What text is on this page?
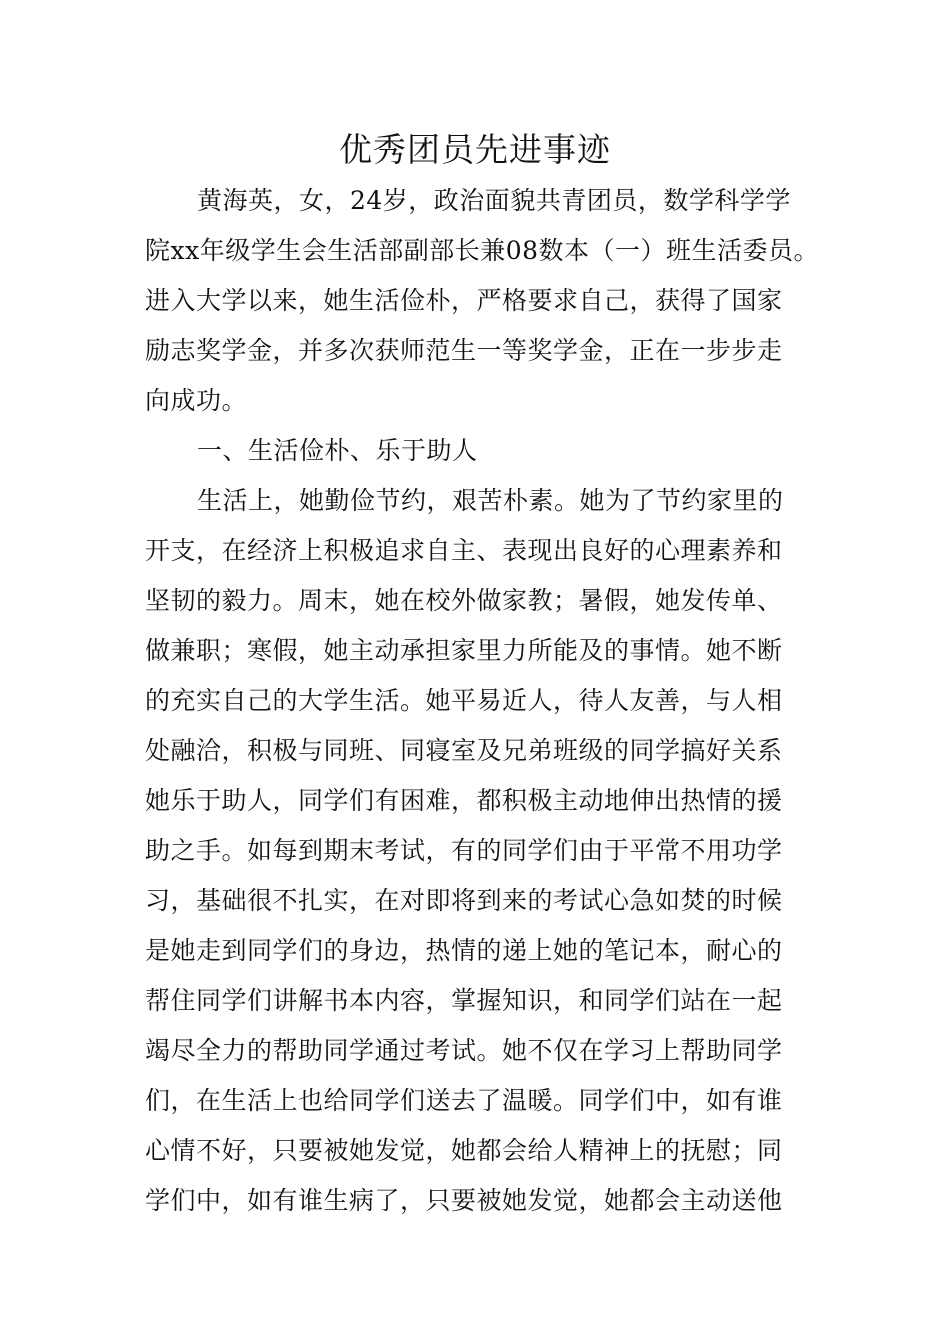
优秀团员先进事迹
黄海英，女，24岁，政治面貌共青团员，数学科学学
院xx年级学生会生活部副部长兼08数本（一）班生活委员。
进入大学以来，她生活俭朴，严格要求自己，获得了国家
励志奖学金，并多次获师范生一等奖学金，正在一步步走
向成功。
一、生活俭朴、乐于助人
生活上，她勤俭节约，艰苦朴素。她为了节约家里的
开支，在经济上积极追求自主、表现出良好的心理素养和
坚韧的毅力。周末，她在校外做家教；暑假，她发传单、
做兼职；寒假，她主动承担家里力所能及的事情。她不断
的充实自己的大学生活。她平易近人，待人友善，与人相
处融洽，积极与同班、同寝室及兄弟班级的同学搞好关系
她乐于助人，同学们有困难，都积极主动地伸出热情的援
助之手。如每到期末考试，有的同学们由于平常不用功学
习，基础很不扎实，在对即将到来的考试心急如焚的时候
是她走到同学们的身边，热情的递上她的笔记本，耐心的
帮住同学们讲解书本内容，掌握知识，和同学们站在一起
竭尽全力的帮助同学通过考试。她不仅在学习上帮助同学
们，在生活上也给同学们送去了温暖。同学们中，如有谁
心情不好，只要被她发觉，她都会给人精神上的抚慰；同
学们中，如有谁生病了，只要被她发觉，她都会主动送他
